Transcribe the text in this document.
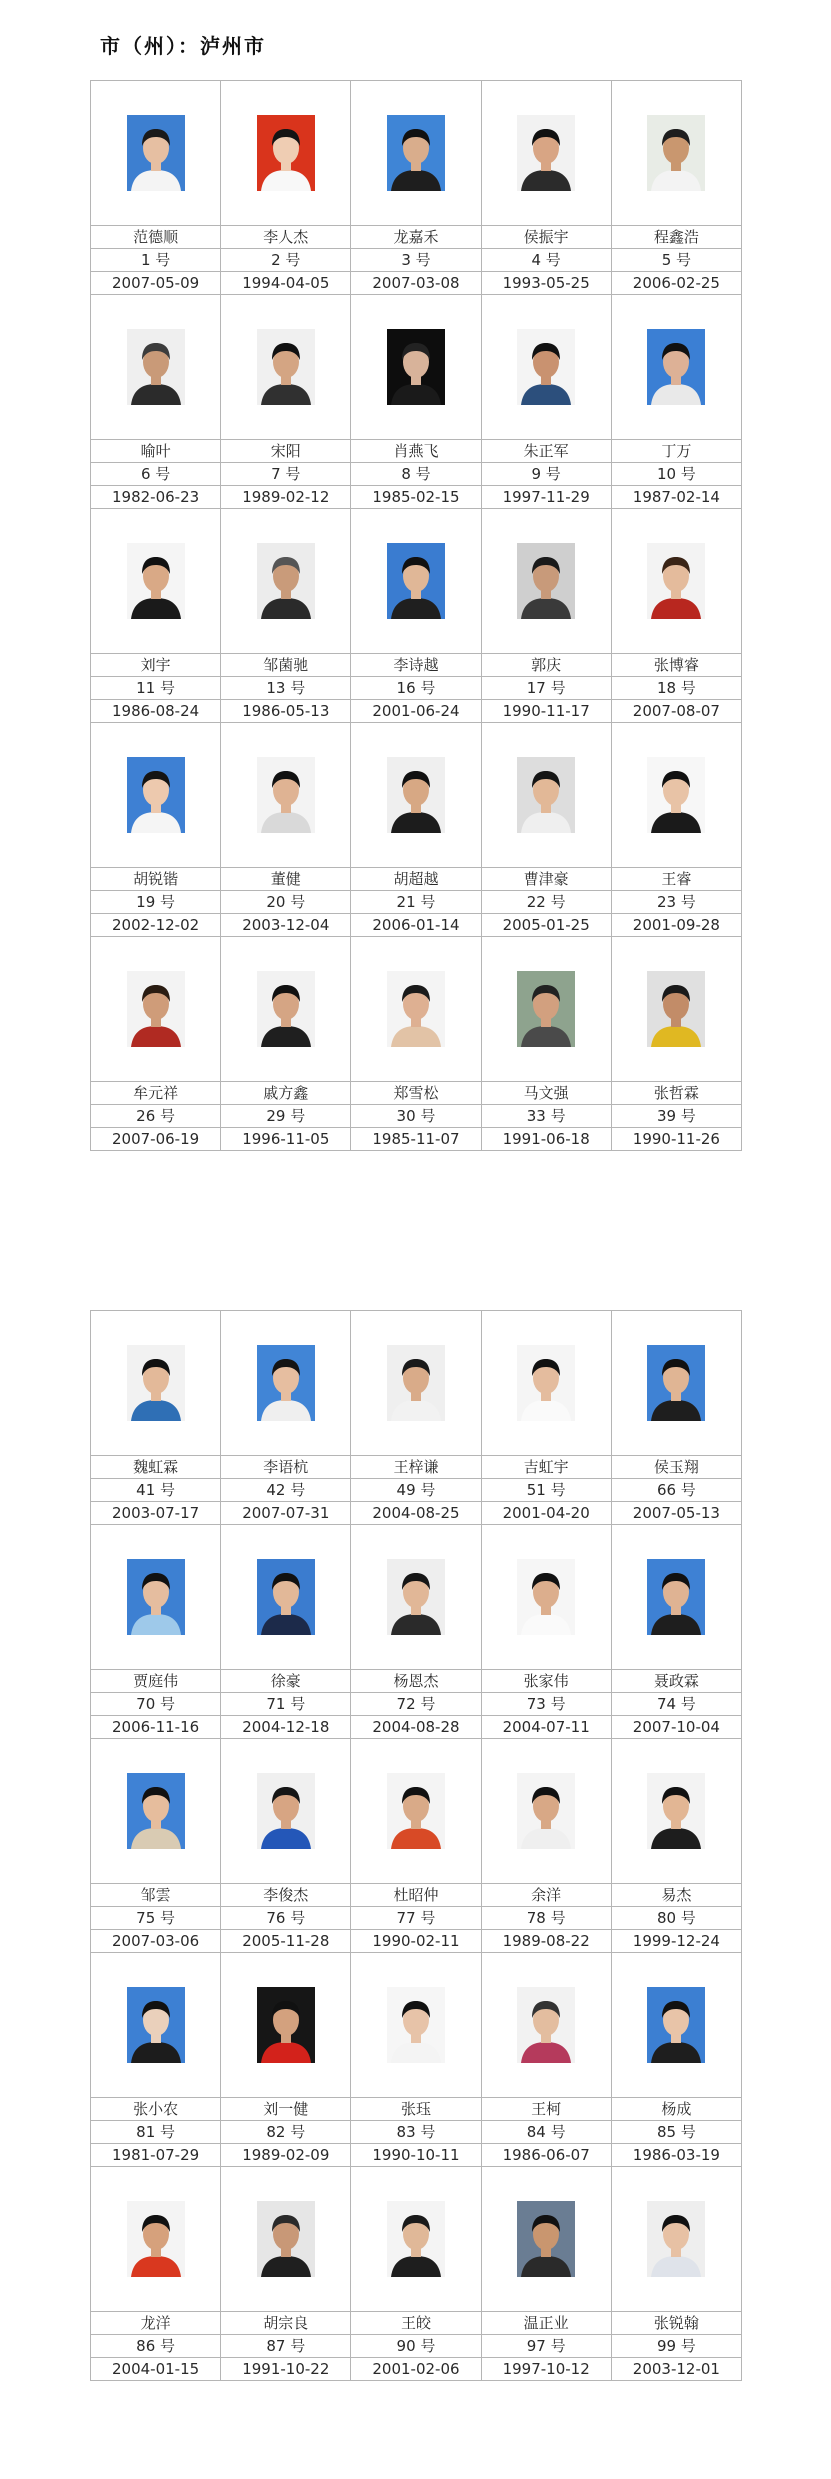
市（州）：泸州市

范德顺	李人杰	龙嘉禾	侯振宇	程鑫浩
1 号	2 号	3 号	4 号	5 号
2007-05-09	1994-04-05	2007-03-08	1993-05-25	2006-02-25

喻叶	宋阳	肖燕飞	朱正军	丁万
6 号	7 号	8 号	9 号	10 号
1982-06-23	1989-02-12	1985-02-15	1997-11-29	1987-02-14

刘宇	邹菌驰	李诗越	郭庆	张博睿
11 号	13 号	16 号	17 号	18 号
1986-08-24	1986-05-13	2001-06-24	1990-11-17	2007-08-07

胡锐锴	董健	胡超越	曹津豪	王睿
19 号	20 号	21 号	22 号	23 号
2002-12-02	2003-12-04	2006-01-14	2005-01-25	2001-09-28

牟元祥	戚方鑫	郑雪松	马文强	张哲霖
26 号	29 号	30 号	33 号	39 号
2007-06-19	1996-11-05	1985-11-07	1991-06-18	1990-11-26

魏虹霖	李语杭	王梓谦	吉虹宇	侯玉翔
41 号	42 号	49 号	51 号	66 号
2003-07-17	2007-07-31	2004-08-25	2001-04-20	2007-05-13

贾庭伟	徐豪	杨恩杰	张家伟	聂政霖
70 号	71 号	72 号	73 号	74 号
2006-11-16	2004-12-18	2004-08-28	2004-07-11	2007-10-04

邹雲	李俊杰	杜昭仲	余洋	易杰
75 号	76 号	77 号	78 号	80 号
2007-03-06	2005-11-28	1990-02-11	1989-08-22	1999-12-24

张小农	刘一健	张珏	王柯	杨成
81 号	82 号	83 号	84 号	85 号
1981-07-29	1989-02-09	1990-10-11	1986-06-07	1986-03-19

龙洋	胡宗良	王皎	温正业	张锐翰
86 号	87 号	90 号	97 号	99 号
2004-01-15	1991-10-22	2001-02-06	1997-10-12	2003-12-01
